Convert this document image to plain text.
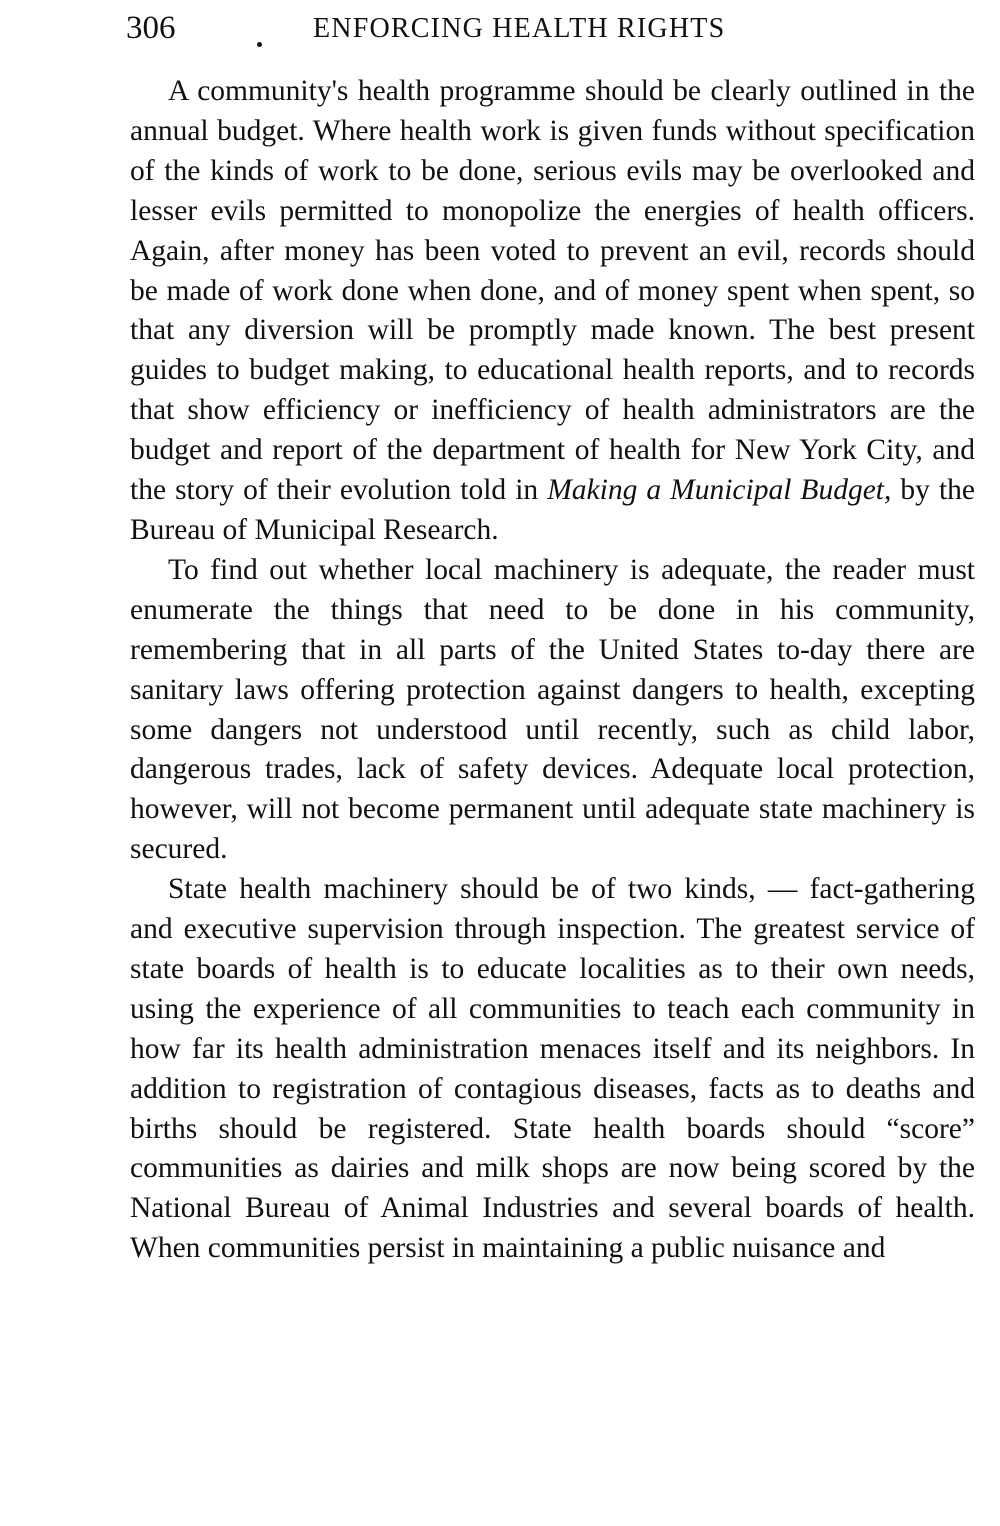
306	ENFORCING HEALTH RIGHTS

A community's health programme should be clearly outlined in the annual budget. Where health work is given funds without specification of the kinds of work to be done, serious evils may be overlooked and lesser evils permitted to monopolize the energies of health officers. Again, after money has been voted to prevent an evil, records should be made of work done when done, and of money spent when spent, so that any diversion will be promptly made known. The best present guides to budget making, to educational health reports, and to records that show efficiency or inefficiency of health administrators are the budget and report of the department of health for New York City, and the story of their evolution told in Making a Municipal Budget, by the Bureau of Municipal Research.

To find out whether local machinery is adequate, the reader must enumerate the things that need to be done in his community, remembering that in all parts of the United States to-day there are sanitary laws offering protection against dangers to health, excepting some dangers not understood until recently, such as child labor, dangerous trades, lack of safety devices. Adequate local protection, however, will not become permanent until adequate state machinery is secured.

State health machinery should be of two kinds, — fact-gathering and executive supervision through inspection. The greatest service of state boards of health is to educate localities as to their own needs, using the experience of all communities to teach each community in how far its health administration menaces itself and its neighbors. In addition to registration of contagious diseases, facts as to deaths and births should be registered. State health boards should “score” communities as dairies and milk shops are now being scored by the National Bureau of Animal Industries and several boards of health. When communities persist in maintaining a public nuisance and
